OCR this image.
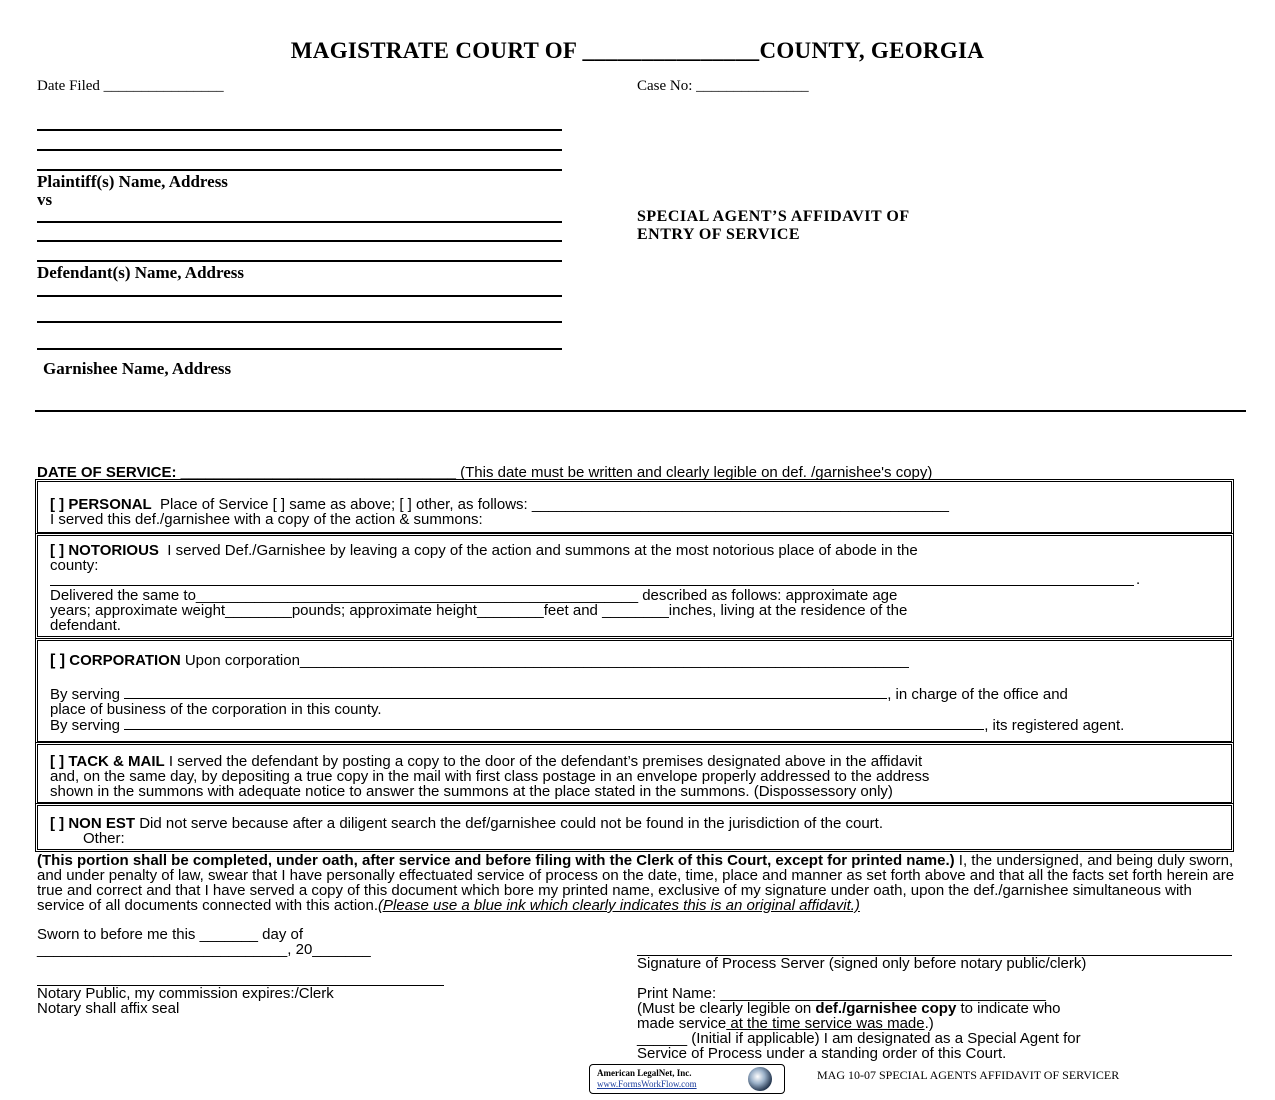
MAGISTRATE COURT OF _______________COUNTY, GEORGIA
Date Filed ________________	Case No: _______________
Plaintiff(s) Name, Address
vs
Defendant(s) Name, Address
Garnishee Name, Address
SPECIAL AGENT’S AFFIDAVIT OF
ENTRY OF SERVICE
DATE OF SERVICE: _________________________________ (This date must be written and clearly legible on def. /garnishee's copy)

[ ] PERSONAL Place of Service [ ] same as above; [ ] other, as follows: __________________________________________________

I served this def./garnishee with a copy of the action & summons:

[ ] NOTORIOUS I served Def./Garnishee by leaving a copy of the action and summons at the most notorious place of abode in the

county:

.

Delivered the same to_____________________________________________________ described as follows: approximate age

years; approximate weight________pounds; approximate height________feet and ________inches, living at the residence of the

defendant.

[ ] CORPORATION Upon corporation_________________________________________________________________________

By serving	, in charge of the office and

place of business of the corporation in this county.

By serving	, its registered agent.

[ ] TACK & MAIL I served the defendant by posting a copy to the door of the defendant’s premises designated above in the affidavit

and, on the same day, by depositing a true copy in the mail with first class postage in an envelope properly addressed to the address

shown in the summons with adequate notice to answer the summons at the place stated in the summons. (Dispossessory only)

[ ] NON EST Did not serve because after a diligent search the def/garnishee could not be found in the jurisdiction of the court.

Other:

(This portion shall be completed, under oath, after service and before filing with the Clerk of this Court, except for printed name.) I, the undersigned, and being duly sworn, and under penalty of law, swear that I have personally effectuated service of process on the date, time, place and manner as set forth above and that all the facts set forth herein are true and correct and that I have served a copy of this document which bore my printed name, exclusive of my signature under oath, upon the def./garnishee simultaneous with service of all documents connected with this action.(Please use a blue ink which clearly indicates this is an original affidavit.)

Sworn to before me this _______ day of
______________________________, 20_______
Notary Public, my commission expires:/Clerk
Notary shall affix seal
Signature of Process Server (signed only before notary public/clerk)
Print Name: _______________________________________
(Must be clearly legible on def./garnishee copy to indicate who
made service at the time service was made.)
______ (Initial if applicable) I am designated as a Special Agent for
Service of Process under a standing order of this Court.
American LegalNet, Inc.
www.FormsWorkFlow.com
MAG 10-07 SPECIAL AGENTS AFFIDAVIT OF SERVICER
